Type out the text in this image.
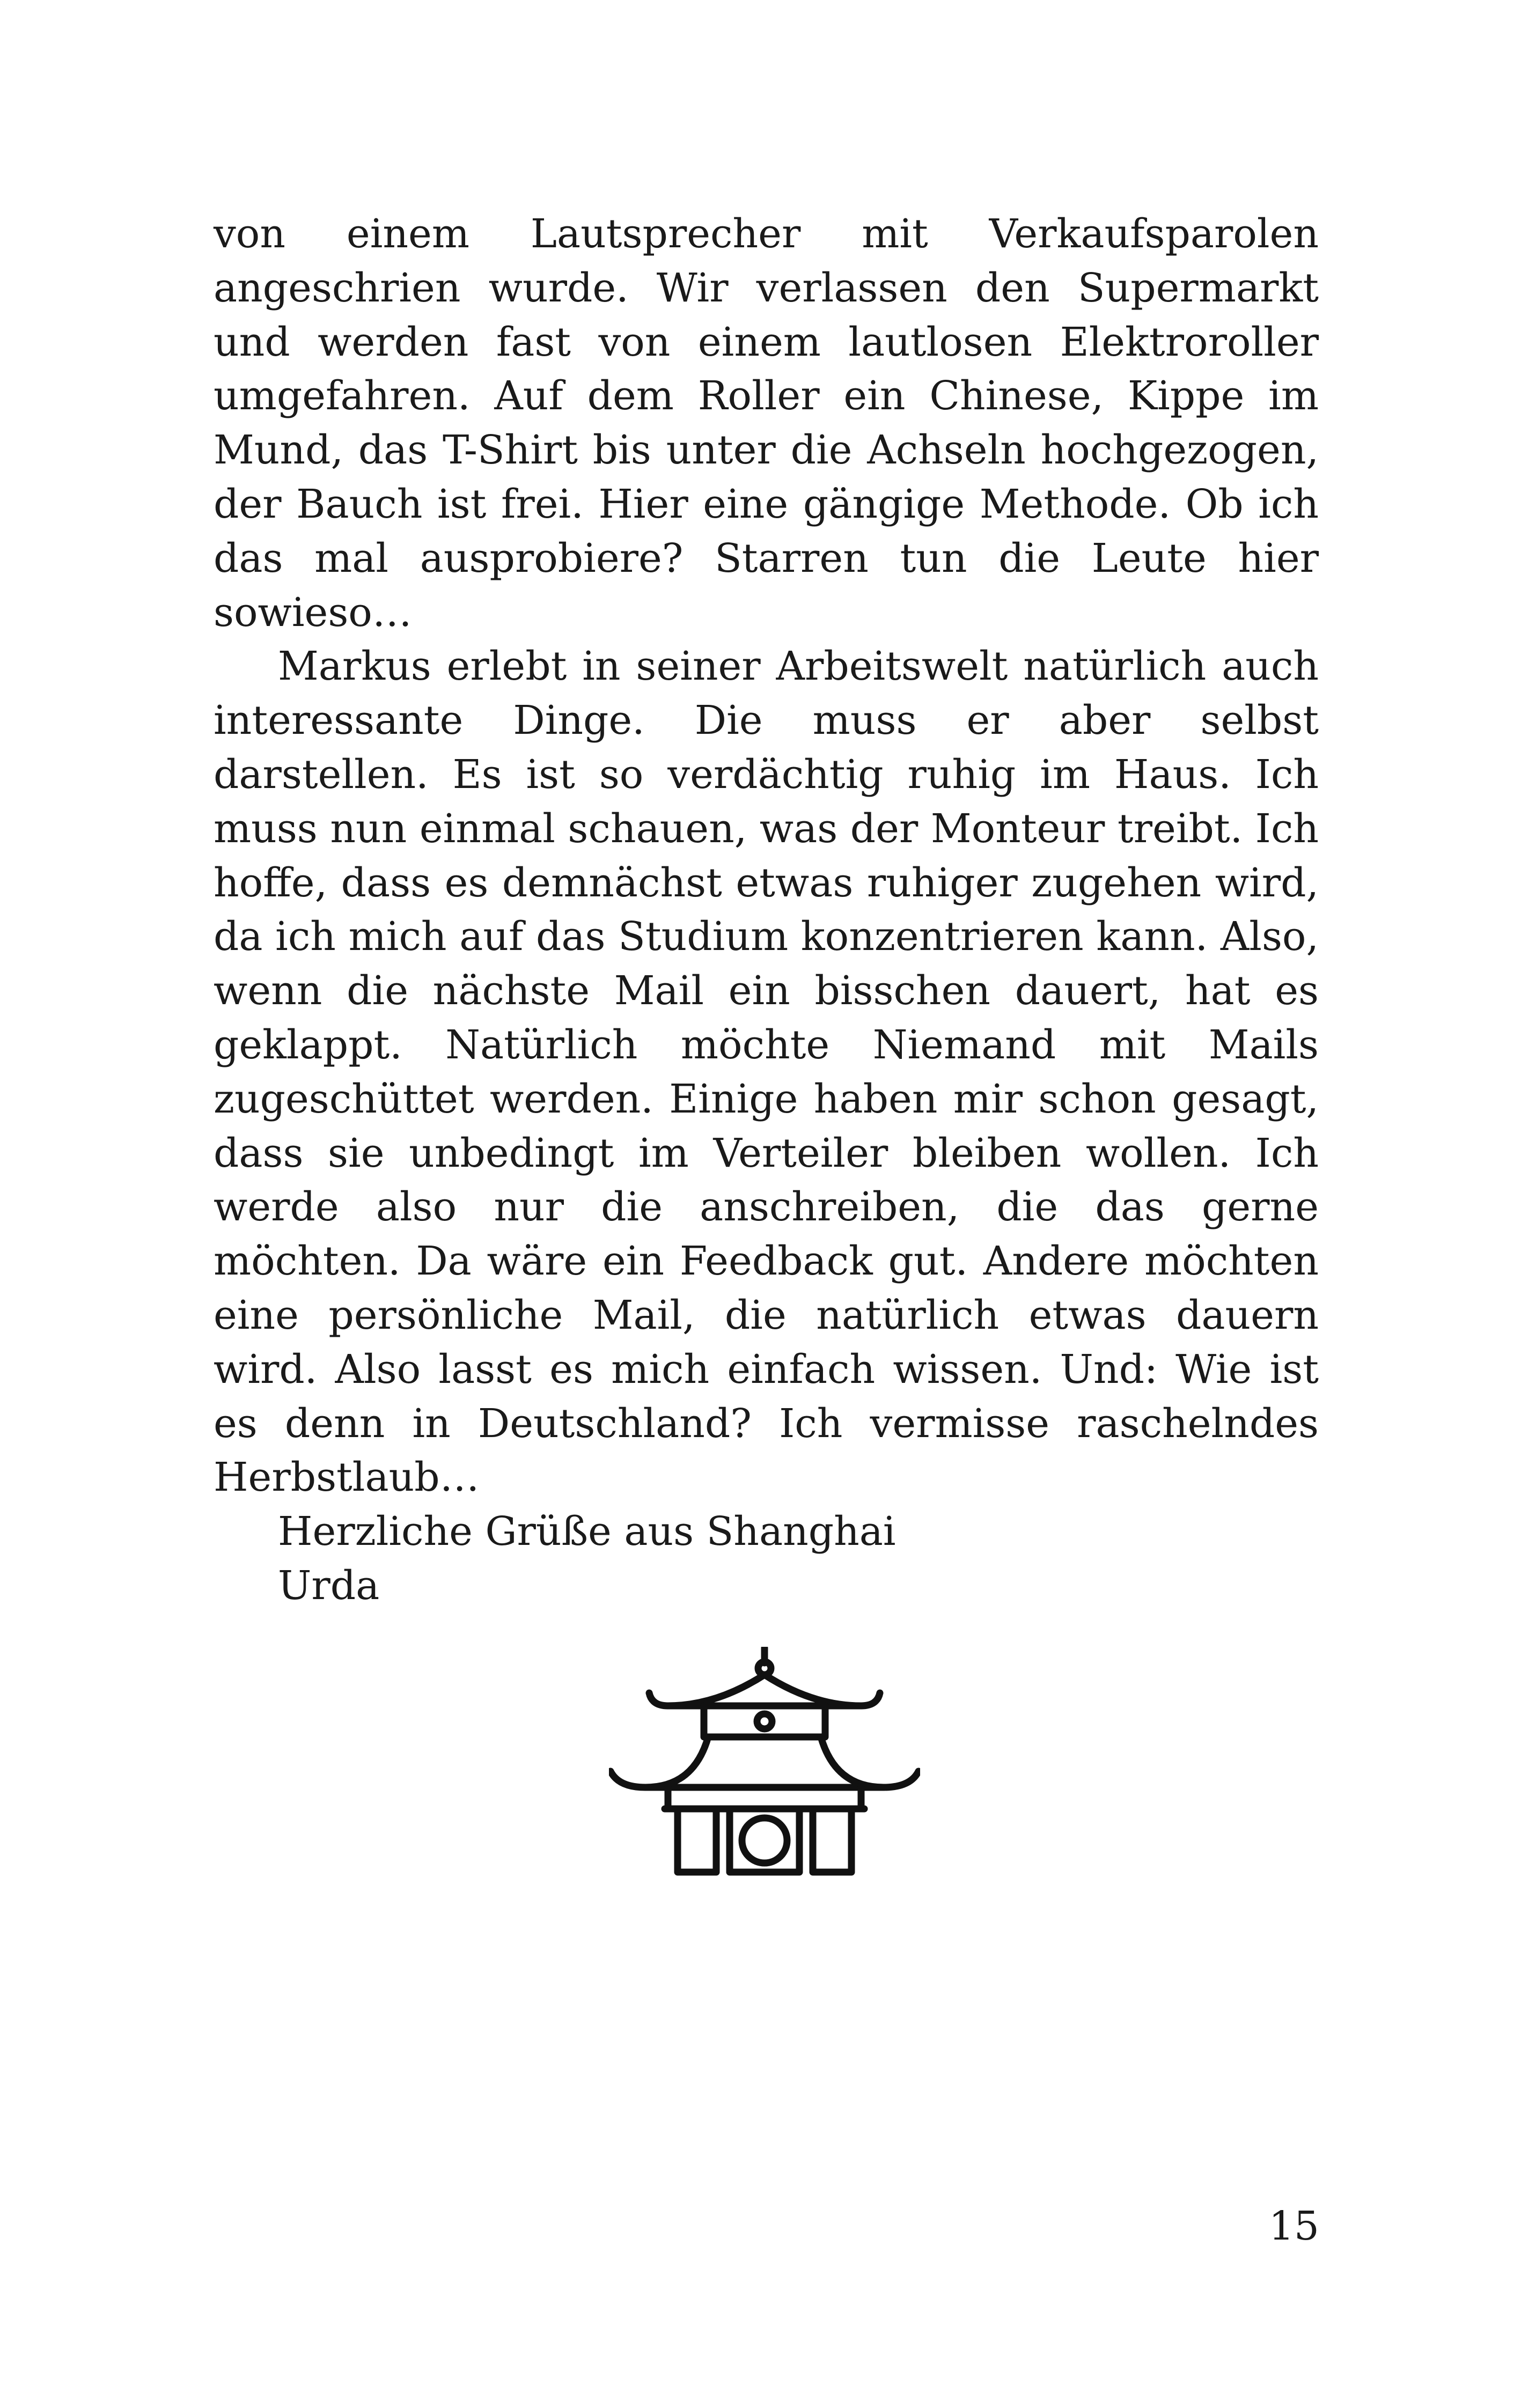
von einem Lautsprecher mit Verkaufsparolen angeschrien wurde. Wir verlassen den Supermarkt und werden fast von einem lautlosen Elektroroller umgefahren. Auf dem Roller ein Chinese, Kippe im Mund, das T-Shirt bis unter die Achseln hochgezogen, der Bauch ist frei. Hier eine gängige Methode. Ob ich das mal ausprobiere? Starren tun die Leute hier sowieso…

Markus erlebt in seiner Arbeitswelt natürlich auch interessante Dinge. Die muss er aber selbst darstellen. Es ist so verdächtig ruhig im Haus. Ich muss nun einmal schauen, was der Monteur treibt. Ich hoffe, dass es demnächst etwas ruhiger zugehen wird, da ich mich auf das Studium konzentrieren kann. Also, wenn die nächste Mail ein bisschen dauert, hat es geklappt. Natürlich möchte Niemand mit Mails zugeschüttet werden. Einige haben mir schon gesagt, dass sie unbedingt im Verteiler bleiben wollen. Ich werde also nur die anschreiben, die das gerne möchten. Da wäre ein Feedback gut. Andere möchten eine persönliche Mail, die natürlich etwas dauern wird. Also lasst es mich einfach wissen. Und: Wie ist es denn in Deutschland? Ich vermisse raschelndes Herbstlaub…

Herzliche Grüße aus Shanghai

Urda

15
